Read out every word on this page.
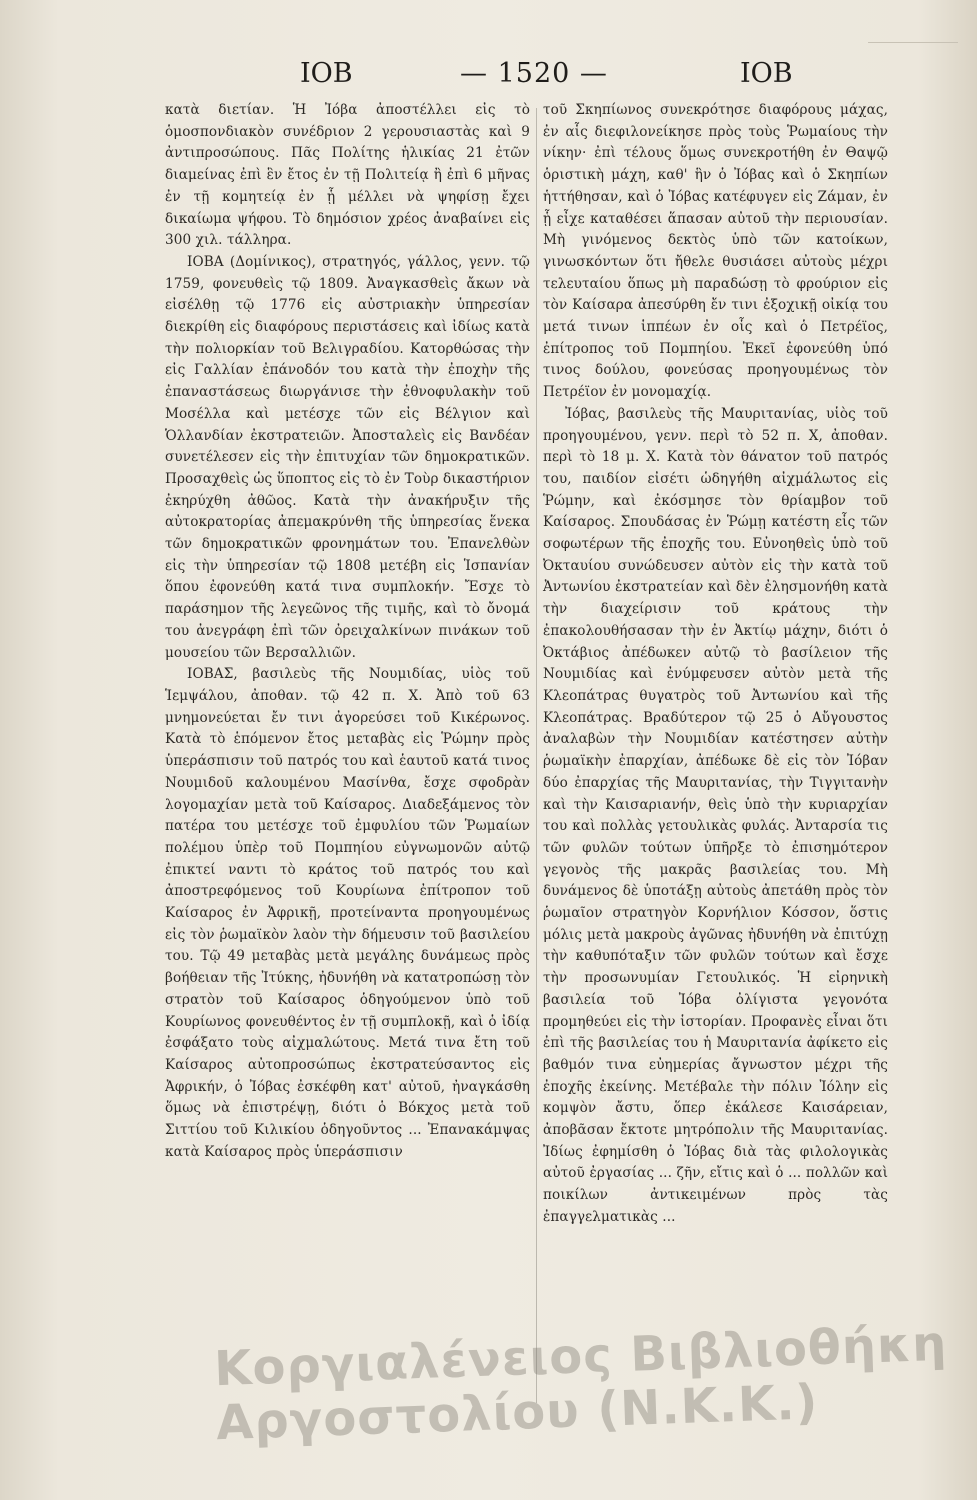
ΙΟΒ	— 1520 —	ΙΟΒ

κατὰ διετίαν. Ἡ Ἰόβα ἀποστέλλει εἰς τὸ ὁμοσπονδιακὸν συνέδριον 2 γερουσιαστὰς καὶ 9 ἀντιπροσώπους. Πᾶς Πολίτης ἡλικίας 21 ἐτῶν διαμείνας ἐπὶ ἓν ἔτος ἐν τῇ Πολιτείᾳ ἢ ἐπὶ 6 μῆνας ἐν τῇ κομητείᾳ ἐν ᾗ μέλλει νὰ ψηφίσῃ ἔχει δικαίωμα ψήφου. Τὸ δημόσιον χρέος ἀναβαίνει εἰς 300 χιλ. τάλληρα.

ΙΟΒΑ (Δομίνικος), στρατηγός, γάλλος, γενν. τῷ 1759, φονευθεὶς τῷ 1809. Ἀναγκασθεὶς ἄκων νὰ εἰσέλθῃ τῷ 1776 εἰς αὐστριακὴν ὑπηρεσίαν διεκρίθη εἰς διαφόρους περιστάσεις καὶ ἰδίως κατὰ τὴν πολιορκίαν τοῦ Βελιγραδίου. Κατορθώσας τὴν εἰς Γαλλίαν ἐπάνοδόν του κατὰ τὴν ἐποχὴν τῆς ἐπαναστάσεως διωργάνισε τὴν ἐθνοφυλακὴν τοῦ Μοσέλλα καὶ μετέσχε τῶν εἰς Βέλγιον καὶ Ὁλλανδίαν ἐκστρατειῶν. Ἀποσταλεὶς εἰς Βανδέαν συνετέλεσεν εἰς τὴν ἐπιτυχίαν τῶν δημοκρατικῶν. Προσαχθεὶς ὡς ὕποπτος εἰς τὸ ἐν Τοὺρ δικαστήριον ἐκηρύχθη ἀθῶος. Κατὰ τὴν ἀνακήρυξιν τῆς αὐτοκρατορίας ἀπεμακρύνθη τῆς ὑπηρεσίας ἕνεκα τῶν δημοκρατικῶν φρονημάτων του. Ἐπανελθὼν εἰς τὴν ὑπηρεσίαν τῷ 1808 μετέβη εἰς Ἱσπανίαν ὅπου ἐφονεύθη κατά τινα συμπλοκήν. Ἔσχε τὸ παράσημον τῆς λεγεῶνος τῆς τιμῆς, καὶ τὸ ὄνομά του ἀνεγράφη ἐπὶ τῶν ὀρειχαλκίνων πινάκων τοῦ μουσείου τῶν Βερσαλλιῶν.

ΙΟΒΑΣ, βασιλεὺς τῆς Νουμιδίας, υἱὸς τοῦ Ἱεμψάλου, ἀποθαν. τῷ 42 π. Χ. Ἀπὸ τοῦ 63 μνημονεύεται ἔν τινι ἀγορεύσει τοῦ Κικέρωνος. Κατὰ τὸ ἑπόμενον ἔτος μεταβὰς εἰς Ῥώμην πρὸς ὑπεράσπισιν τοῦ πατρός του καὶ ἑαυτοῦ κατά τινος Νουμιδοῦ καλουμένου Μασίνθα, ἔσχε σφοδρὰν λογομαχίαν μετὰ τοῦ Καίσαρος. Διαδεξάμενος τὸν πατέρα του μετέσχε τοῦ ἐμφυλίου τῶν Ῥωμαίων πολέμου ὑπὲρ τοῦ Πομπηίου εὐγνωμονῶν αὐτῷ ἐπικτεί ναντι τὸ κράτος τοῦ πατρός του καὶ ἀποστρεφόμενος τοῦ Κουρίωνα ἐπίτροπον τοῦ Καίσαρος ἐν Ἀφρικῇ, προτείναντα προηγουμένως εἰς τὸν ῥωμαϊκὸν λαὸν τὴν δήμευσιν τοῦ βασιλείου του. Τῷ 49 μεταβὰς μετὰ μεγάλης δυνάμεως πρὸς βοήθειαν τῆς Ἰτύκης, ἠδυνήθη νὰ κατατροπώσῃ τὸν στρατὸν τοῦ Καίσαρος ὁδηγούμενον ὑπὸ τοῦ Κουρίωνος φονευθέντος ἐν τῇ συμπλοκῇ, καὶ ὁ ἰδίᾳ ἐσφάξατο τοὺς αἰχμαλώτους. Μετά τινα ἔτη τοῦ Καίσαρος αὐτοπροσώπως ἐκστρατεύσαντος εἰς Ἀφρικήν, ὁ Ἰόβας ἐσκέφθη κατ' αὐτοῦ, ἠναγκάσθη ὅμως νὰ ἐπιστρέψῃ, διότι ὁ Βόκχος μετὰ τοῦ Σιττίου τοῦ Κιλικίου ὁδηγοῦντος ... Ἐπανακάμψας κατὰ Καίσαρος πρὸς ὑπεράσπισιν

τοῦ Σκηπίωνος συνεκρότησε διαφόρους μάχας, ἐν αἷς διεφιλονείκησε πρὸς τοὺς Ῥωμαίους τὴν νίκην· ἐπὶ τέλους ὅμως συνεκροτήθη ἐν Θαψῷ ὁριστικὴ μάχη, καθ' ἣν ὁ Ἰόβας καὶ ὁ Σκηπίων ἡττήθησαν, καὶ ὁ Ἰόβας κατέφυγεν εἰς Ζάμαν, ἐν ᾗ εἶχε καταθέσει ἅπασαν αὐτοῦ τὴν περιουσίαν. Μὴ γινόμενος δεκτὸς ὑπὸ τῶν κατοίκων, γινωσκόντων ὅτι ἤθελε θυσιάσει αὐτοὺς μέχρι τελευταίου ὅπως μὴ παραδώσῃ τὸ φρούριον εἰς τὸν Καίσαρα ἀπεσύρθη ἔν τινι ἐξοχικῇ οἰκίᾳ του μετά τινων ἱππέων ἐν οἷς καὶ ὁ Πετρέϊος, ἐπίτροπος τοῦ Πομπηίου. Ἐκεῖ ἐφονεύθη ὑπό τινος δούλου, φονεύσας προηγουμένως τὸν Πετρέϊον ἐν μονομαχίᾳ.

Ἰόβας, βασιλεὺς τῆς Μαυριτανίας, υἱὸς τοῦ προηγουμένου, γενν. περὶ τὸ 52 π. Χ, ἀποθαν. περὶ τὸ 18 μ. Χ. Κατὰ τὸν θάνατον τοῦ πατρός του, παιδίον εἰσέτι ὡδηγήθη αἰχμάλωτος εἰς Ῥώμην, καὶ ἐκόσμησε τὸν θρίαμβον τοῦ Καίσαρος. Σπουδάσας ἐν Ῥώμῃ κατέστη εἷς τῶν σοφωτέρων τῆς ἐποχῆς του. Εὐνοηθεὶς ὑπὸ τοῦ Ὀκταυίου συνώδευσεν αὐτὸν εἰς τὴν κατὰ τοῦ Ἀντωνίου ἐκστρατείαν καὶ δὲν ἐλησμονήθη κατὰ τὴν διαχείρισιν τοῦ κράτους τὴν ἐπακολουθήσασαν τὴν ἐν Ἀκτίῳ μάχην, διότι ὁ Ὀκτάβιος ἀπέδωκεν αὐτῷ τὸ βασίλειον τῆς Νουμιδίας καὶ ἐνύμφευσεν αὐτὸν μετὰ τῆς Κλεοπάτρας θυγατρὸς τοῦ Ἀντωνίου καὶ τῆς Κλεοπάτρας. Βραδύτερον τῷ 25 ὁ Αὔγουστος ἀναλαβὼν τὴν Νουμιδίαν κατέστησεν αὐτὴν ῥωμαϊκὴν ἐπαρχίαν, ἀπέδωκε δὲ εἰς τὸν Ἰόβαν δύο ἐπαρχίας τῆς Μαυριτανίας, τὴν Τιγγιτανὴν καὶ τὴν Καισαριανήν, θεὶς ὑπὸ τὴν κυριαρχίαν του καὶ πολλὰς γετουλικὰς φυλάς. Ἀνταρσία τις τῶν φυλῶν τούτων ὑπῆρξε τὸ ἐπισημότερον γεγονὸς τῆς μακρᾶς βασιλείας του. Μὴ δυνάμενος δὲ ὑποτάξῃ αὐτοὺς ἀπετάθη πρὸς τὸν ῥωμαῖον στρατηγὸν Κορνήλιον Κόσσον, ὅστις μόλις μετὰ μακροὺς ἀγῶνας ἠδυνήθη νὰ ἐπιτύχῃ τὴν καθυπόταξιν τῶν φυλῶν τούτων καὶ ἔσχε τὴν προσωνυμίαν Γετουλικός. Ἡ εἰρηνικὴ βασιλεία τοῦ Ἰόβα ὀλίγιστα γεγονότα προμηθεύει εἰς τὴν ἱστορίαν. Προφανὲς εἶναι ὅτι ἐπὶ τῆς βασιλείας του ἡ Μαυριτανία ἀφίκετο εἰς βαθμόν τινα εὐημερίας ἄγνωστον μέχρι τῆς ἐποχῆς ἐκείνης. Μετέβαλε τὴν πόλιν Ἰόλην εἰς κομψὸν ἄστυ, ὅπερ ἐκάλεσε Καισάρειαν, ἀποβᾶσαν ἔκτοτε μητρόπολιν τῆς Μαυριτανίας. Ἰδίως ἐφημίσθη ὁ Ἰόβας διὰ τὰς φιλολογικὰς αὐτοῦ ἐργασίας ... ζῆν, εἴτις καὶ ὁ ... πολλῶν καὶ ποικίλων ἀντικειμένων πρὸς τὰς ἐπαγγελματικὰς ...

Κοργιαλένειος Βιβλιοθήκη
Αργοστολίου (Ν.Κ.Κ.)
